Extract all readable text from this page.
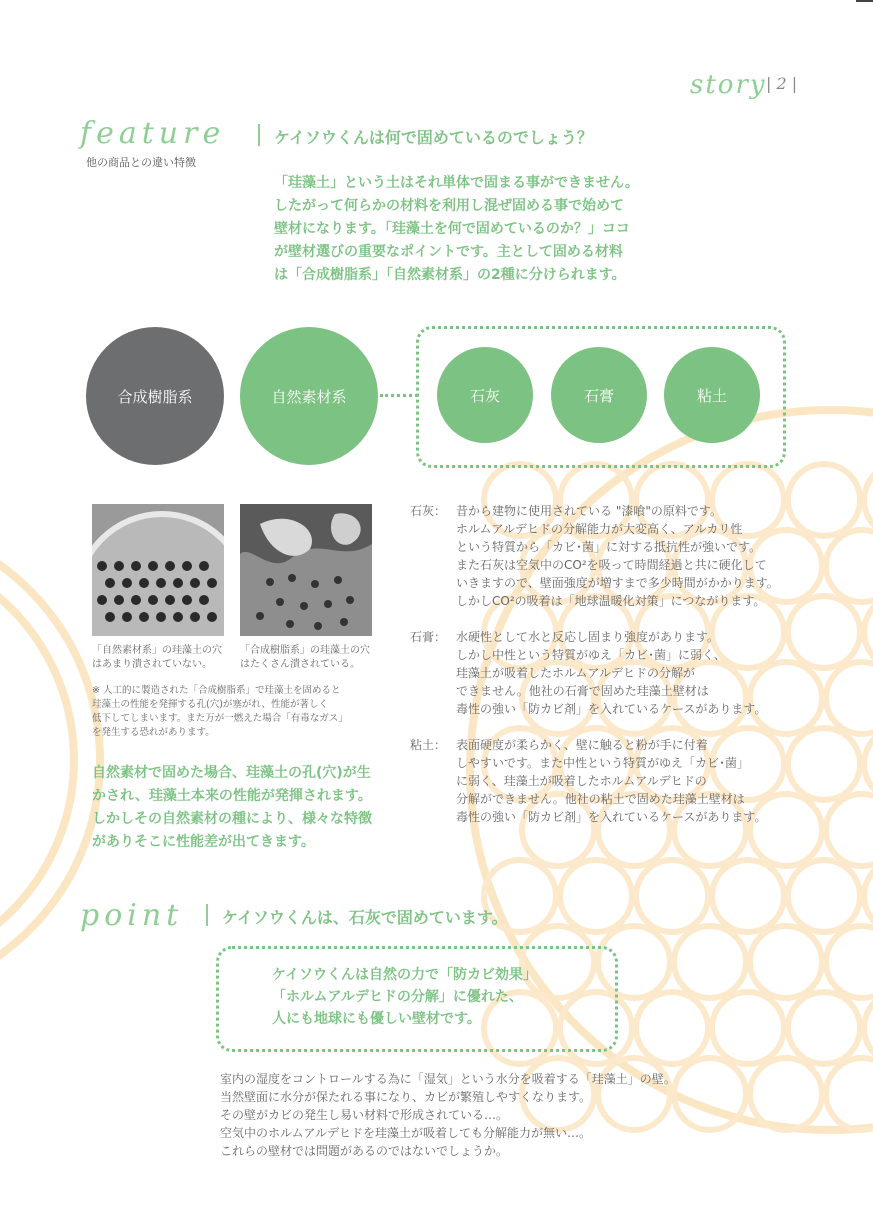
story | 2 |
feature
他の商品との違い特徴
ケイソウくんは何で固めているのでしょう？
「珪藻土」という土はそれ単体で固まる事ができません。
したがって何らかの材料を利用し混ぜ固める事で始めて
壁材になります。「珪藻土を何で固めているのか？」ココ
が壁材選びの重要なポイントです。主として固める材料
は「合成樹脂系」「自然素材系」の2種に分けられます。
合成樹脂系	自然素材系	石灰	石膏	粘土
「自然素材系」の珪藻土の穴
はあまり潰されていない。
「合成樹脂系」の珪藻土の穴
はたくさん潰されている。
※ 人工的に製造された「合成樹脂系」で珪藻土を固めると
珪藻土の性能を発揮する孔(穴)が塞がれ、性能が著しく
低下してしまいます。また万が一燃えた場合「有毒なガス」
を発生する恐れがあります。
自然素材で固めた場合、珪藻土の孔(穴)が生
かされ、珪藻土本来の性能が発揮されます。
しかしその自然素材の種により、様々な特徴
がありそこに性能差が出てきます。
石灰： 昔から建物に使用されている "漆喰"の原料です。
ホルムアルデヒドの分解能力が大変高く、アルカリ性
という特質から「カビ･菌」に対する抵抗性が強いです。
また石灰は空気中のCO²を吸って時間経過と共に硬化して
いきますので、壁面強度が増すまで多少時間がかかります。
しかしCO²の吸着は「地球温暖化対策」につながります。
石膏： 水硬性として水と反応し固まり強度があります。
しかし中性という特質がゆえ「カビ･菌」に弱く、
珪藻土が吸着したホルムアルデヒドの分解が
できません。他社の石膏で固めた珪藻土壁材は
毒性の強い「防カビ剤」を入れているケースがあります。
粘土： 表面硬度が柔らかく、壁に触ると粉が手に付着
しやすいです。また中性という特質がゆえ「カビ･菌」
に弱く、珪藻土が吸着したホルムアルデヒドの
分解ができません。他社の粘土で固めた珪藻土壁材は
毒性の強い「防カビ剤」を入れているケースがあります。
point ケイソウくんは、石灰で固めています。
ケイソウくんは自然の力で「防カビ効果」
「ホルムアルデヒドの分解」に優れた、
人にも地球にも優しい壁材です。
室内の湿度をコントロールする為に「湿気」という水分を吸着する「珪藻土」の壁。
当然壁面に水分が保たれる事になり、カビが繁殖しやすくなります。
その壁がカビの発生し易い材料で形成されている…。
空気中のホルムアルデヒドを珪藻土が吸着しても分解能力が無い…。
これらの壁材では問題があるのではないでしょうか。
